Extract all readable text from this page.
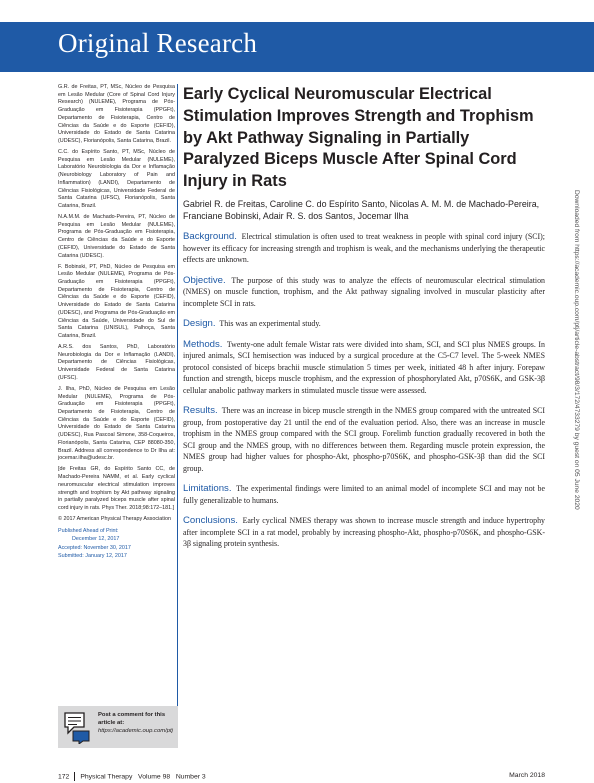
Original Research

G.R. de Freitas, PT, MSc, Núcleo de Pesquisa em Lesão Medular (Core of Spinal Cord Injury Research) (NULEME), Programa de Pós-Graduação em Fisioterapia (PPGFt), Departamento de Fisioterapia, Centro de Ciências da Saúde e do Esporte (CEFID), Universidade do Estado de Santa Catarina (UDESC), Florianópolis, Santa Catarina, Brazil.

C.C. do Espírito Santo, PT, MSc, Núcleo de Pesquisa em Lesão Medular (NULEME), Laboratório Neurobiologia da Dor e Inflamação (Neurobiology Laboratory of Pain and Inflammation) (LANDI), Departamento de Ciências Fisiológicas, Universidade Federal de Santa Catarina (UFSC), Florianópolis, Santa Catarina, Brazil.

N.A.M.M. de Machado-Pereira, PT, Núcleo de Pesquisa em Lesão Medular (NULEME), Programa de Pós-Graduação em Fisioterapia, Centro de Ciências da Saúde e do Esporte (CEFID), Universidade do Estado de Santa Catarina (UDESC).

F. Bobinski, PT, PhD, Núcleo de Pesquisa em Lesão Medular (NULEME), Programa de Pós-Graduação em Fisioterapia (PPGFt), Departamento de Fisioterapia, Centro de Ciências da Saúde e do Esporte (CEFID), Universidade do Estado de Santa Catarina (UDESC), and Programa de Pós-Graduação em Ciências da Saúde, Universidade do Sul de Santa Catarina (UNISUL), Palhoça, Santa Catarina, Brazil.

A.R.S. dos Santos, PhD, Laboratório Neurobiologia da Dor e Inflamação (LANDI), Departamento de Ciências Fisiológicas, Universidade Federal de Santa Catarina (UFSC).

J. Ilha, PhD, Núcleo de Pesquisa em Lesão Medular (NULEME), Programa de Pós-Graduação em Fisioterapia (PPGFt), Departamento de Fisioterapia, Centro de Ciências da Saúde e do Esporte (CEFID), Universidade do Estado de Santa Catarina (UDESC), Rua Pascoal Simone, 358-Coqueiros, Florianópolis, Santa Catarina, CEP 88080-350, Brazil. Address all correspondence to Dr Ilha at: jocemar.ilha@udesc.br.

[de Freitas GR, do Espírito Santo CC, de Machado-Pereira NAMM, et al. Early cyclical neuromuscular electrical stimulation improves strength and trophism by Akt pathway signaling in partially paralyzed biceps muscle after spinal cord injury in rats. Phys Ther. 2018;98:172–181.]

© 2017 American Physical Therapy Association

Published Ahead of Print:
December 12, 2017
Accepted: November 30, 2017
Submitted: January 12, 2017
Early Cyclical Neuromuscular Electrical Stimulation Improves Strength and Trophism by Akt Pathway Signaling in Partially Paralyzed Biceps Muscle After Spinal Cord Injury in Rats
Gabriel R. de Freitas, Caroline C. do Espírito Santo, Nicolas A. M. M. de Machado-Pereira, Franciane Bobinski, Adair R. S. dos Santos, Jocemar Ilha

Background. Electrical stimulation is often used to treat weakness in people with spinal cord injury (SCI); however its efficacy for increasing strength and trophism is weak, and the mechanisms underlying the therapeutic effects are unknown.

Objective. The purpose of this study was to analyze the effects of neuromuscular electrical stimulation (NMES) on muscle function, trophism, and the Akt pathway signaling involved in muscular plasticity after incomplete SCI in rats.

Design. This was an experimental study.

Methods. Twenty-one adult female Wistar rats were divided into sham, SCI, and SCI plus NMES groups. In injured animals, SCI hemisection was induced by a surgical procedure at the C5-C7 level. The 5-week NMES protocol consisted of biceps brachii muscle stimulation 5 times per week, initiated 48 h after injury. Forepaw function and strength, biceps muscle trophism, and the expression of phosphorylated Akt, p70S6K, and GSK-3β cellular anabolic pathway markers in stimulated muscle tissue were assessed.

Results. There was an increase in bicep muscle strength in the NMES group compared with the untreated SCI group, from postoperative day 21 until the end of the evaluation period. Also, there was an increase in muscle trophism in the NMES group compared with the SCI group. Forelimb function gradually recovered in both the SCI group and the NMES group, with no differences between them. Regarding muscle protein expression, the NMES group had higher values for phospho-Akt, phospho-p70S6K, and phospho-GSK-3β than did the SCI group.

Limitations. The experimental findings were limited to an animal model of incomplete SCI and may not be fully generalizable to humans.

Conclusions. Early cyclical NMES therapy was shown to increase muscle strength and induce hypertrophy after incomplete SCI in a rat model, probably by increasing phospho-Akt, phospho-p70S6K, and phospho-GSK-3β signaling protein synthesis.

Post a comment for this article at:
https://academic.oup.com/ptj
172 Physical Therapy Volume 98 Number 3	March 2018
Downloaded from https://academic.oup.com/ptj/article-abstract/98/3/172/4733279 by guest on 05 June 2020
